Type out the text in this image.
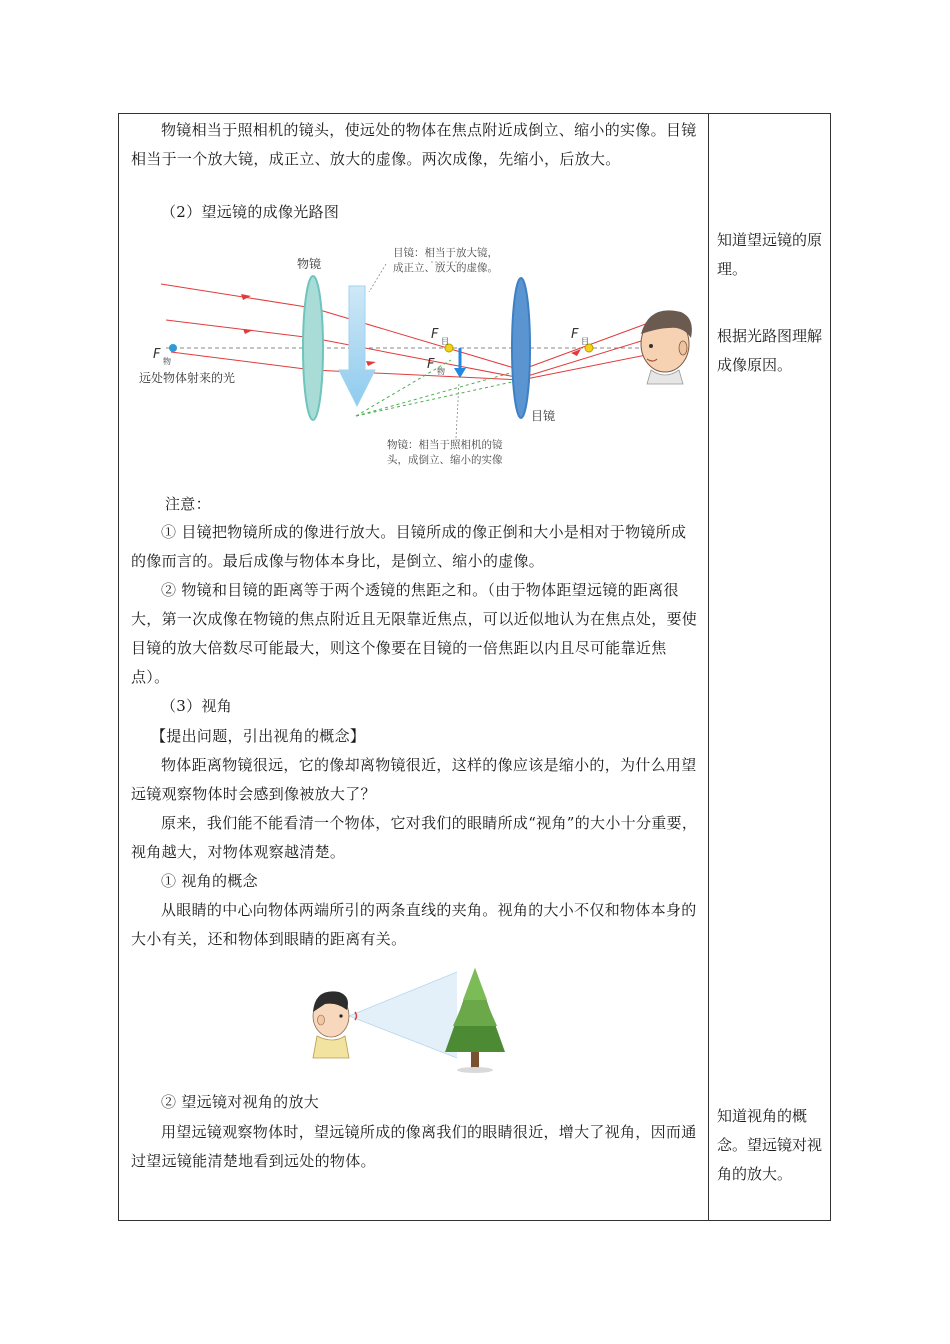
物镜相当于照相机的镜头，使远处的物体在焦点附近成倒立、缩小的实像。目镜相当于一个放大镜，成正立、放大的虚像。两次成像，先缩小，后放大。

（2）望远镜的成像光路图

物镜
目镜
目镜：相当于放大镜，
成正立、放大的虚像。
物镜：相当于照相机的镜
头，成倒立、缩小的实像
远处物体射来的光
F 物
F 目
F 物
F 目

注意：

① 目镜把物镜所成的像进行放大。目镜所成的像正倒和大小是相对于物镜所成的像而言的。最后成像与物体本身比，是倒立、缩小的虚像。

② 物镜和目镜的距离等于两个透镜的焦距之和。（由于物体距望远镜的距离很大，第一次成像在物镜的焦点附近且无限靠近焦点，可以近似地认为在焦点处，要使目镜的放大倍数尽可能最大，则这个像要在目镜的一倍焦距以内且尽可能靠近焦点）。

（3）视角

【提出问题，引出视角的概念】

物体距离物镜很远，它的像却离物镜很近，这样的像应该是缩小的，为什么用望远镜观察物体时会感到像被放大了？

原来，我们能不能看清一个物体，它对我们的眼睛所成“视角”的大小十分重要，视角越大，对物体观察越清楚。

① 视角的概念

从眼睛的中心向物体两端所引的两条直线的夹角。视角的大小不仅和物体本身的大小有关，还和物体到眼睛的距离有关。

② 望远镜对视角的放大

用望远镜观察物体时，望远镜所成的像离我们的眼睛很近，增大了视角，因而通过望远镜能清楚地看到远处的物体。

知道望远镜的原理。

根据光路图理解成像原因。

知道视角的概念。望远镜对视角的放大。
